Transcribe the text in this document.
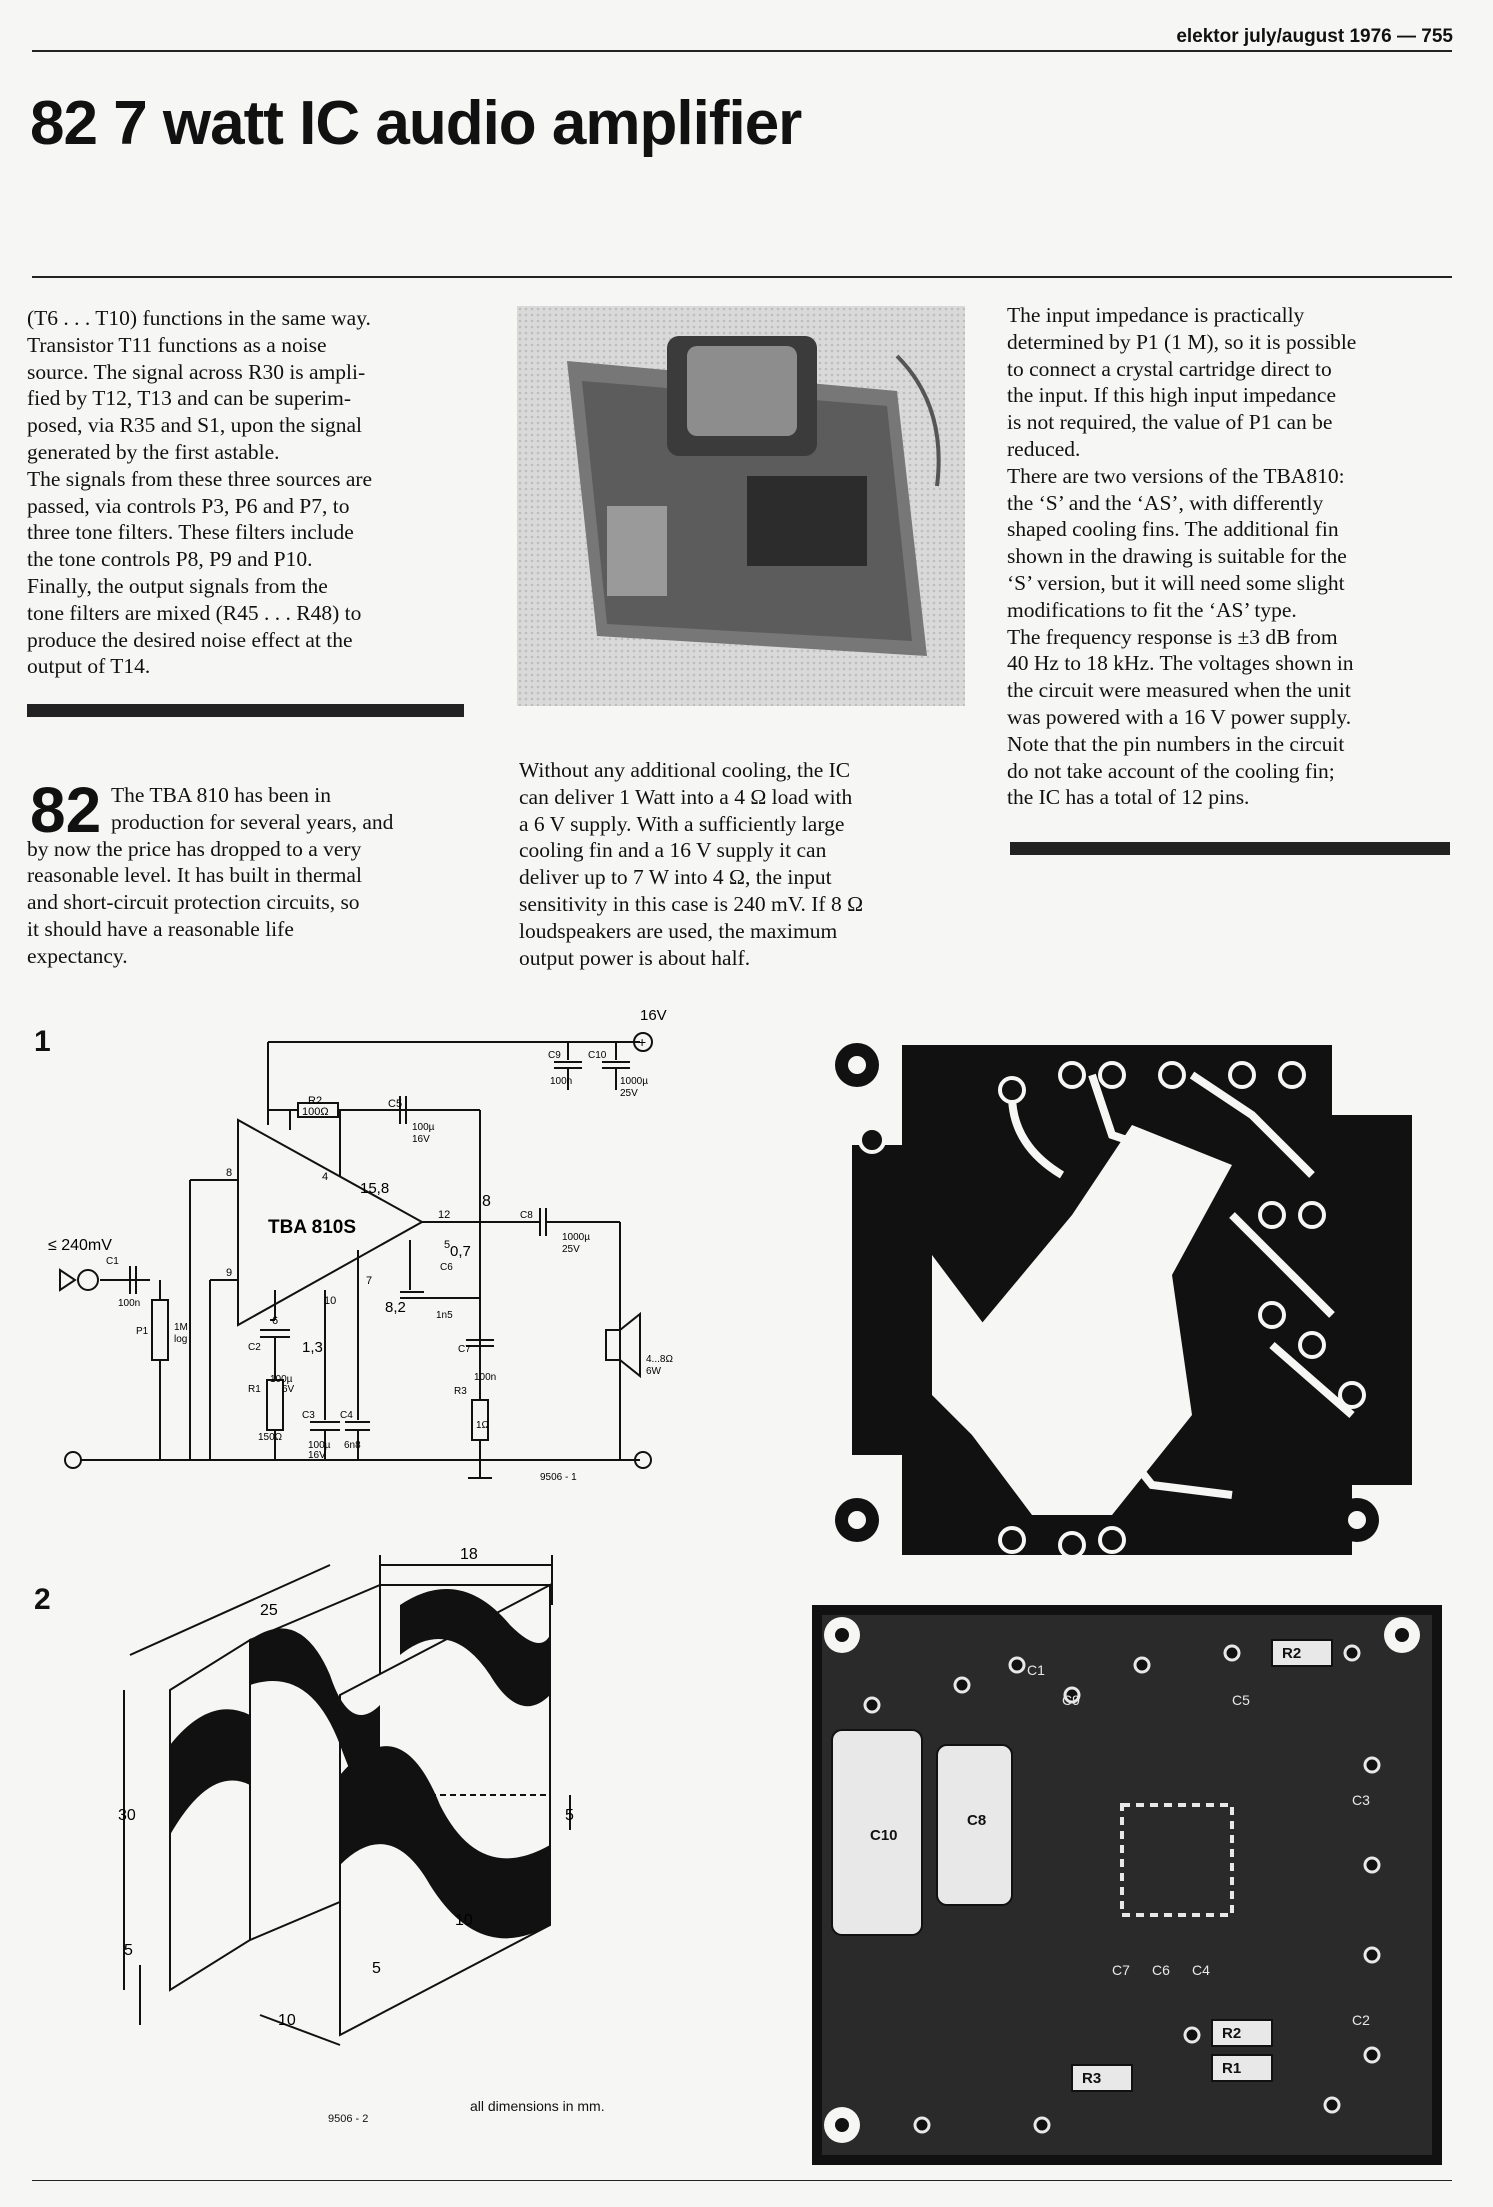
elektor july/august 1976 — 755
82 7 watt IC audio amplifier

(T6 . . . T10) functions in the same way.

Transistor T11 functions as a noise

source. The signal across R30 is ampli-

fied by T12, T13 and can be superim-

posed, via R35 and S1, upon the signal

generated by the first astable.

The signals from these three sources are

passed, via controls P3, P6 and P7, to

three tone filters. These filters include

the tone controls P8, P9 and P10.

Finally, the output signals from the

tone filters are mixed (R45 . . . R48) to

produce the desired noise effect at the

output of T14.

82 The TBA 810 has been in

production for several years, and

by now the price has dropped to a very

reasonable level. It has built in thermal

and short-circuit protection circuits, so

it should have a reasonable life

expectancy.

Without any additional cooling, the IC

can deliver 1 Watt into a 4 Ω load with

a 6 V supply. With a sufficiently large

cooling fin and a 16 V supply it can

deliver up to 7 W into 4 Ω, the input

sensitivity in this case is 240 mV. If 8 Ω

loudspeakers are used, the maximum

output power is about half.

The input impedance is practically

determined by P1 (1 M), so it is possible

to connect a crystal cartridge direct to

the input. If this high input impedance

is not required, the value of P1 can be

reduced.

There are two versions of the TBA810:

the ‘S’ and the ‘AS’, with differently

shaped cooling fins. The additional fin

shown in the drawing is suitable for the

‘S’ version, but it will need some slight

modifications to fit the ‘AS’ type.

The frequency response is ±3 dB from

40 Hz to 18 kHz. The voltages shown in

the circuit were measured when the unit

was powered with a 16 V power supply.

Note that the pin numbers in the circuit

do not take account of the cooling fin;

the IC has a total of 12 pins.

1
2
16V
+
≤ 240mV
TBA 810S
15,8
0,7
8,2
1,3
R2
100Ω
C5
100µ
16V
C9
100n
C10
1000µ
25V
C8
1000µ
25V
C6
1n5
C7
100n
R3
1Ω
4...8Ω
6W
C1
100n
P1	1M
log
C2
100µ
6V
R1
150Ω
C3
100µ
16V
C4
6n8
8
9
4
12
5
7
10
6
8
9506 - 1
25
18
30
5
5
10
5
10
all dimensions in mm.
9506 - 2
R2
R2
R1
R3
C10
C8
C9
C1
C3
C2
C7 C6 C4
C5
